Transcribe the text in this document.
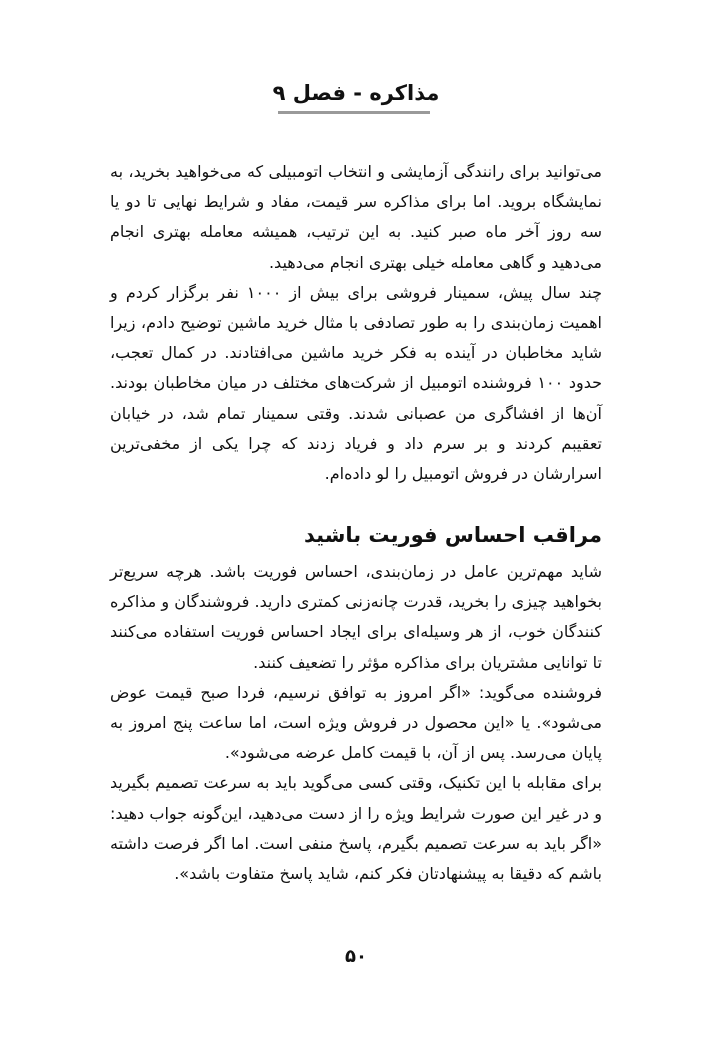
مذاکره - فصل ۹

می‌توانید برای رانندگی آزمایشی و انتخاب اتومبیلی که می‌خواهید بخرید، به نمایشگاه بروید. اما برای مذاکره سر قیمت، مفاد و شرایط نهایی تا دو یا سه روز آخر ماه صبر کنید. به این ترتیب، همیشه معامله بهتری انجام می‌دهید و گاهی معامله خیلی بهتری انجام می‌دهید.

چند سال پیش، سمینار فروشی برای بیش از ۱۰۰۰ نفر برگزار کردم و اهمیت زمان‌بندی را به طور تصادفی با مثال خرید ماشین توضیح دادم، زیرا شاید مخاطبان در آینده به فکر خرید ماشین می‌افتادند. در کمال تعجب، حدود ۱۰۰ فروشنده اتومبیل از شرکت‌های مختلف در میان مخاطبان بودند. آن‌ها از افشاگری من عصبانی شدند. وقتی سمینار تمام شد، در خیابان تعقیبم کردند و بر سرم داد و فریاد زدند که چرا یکی از مخفی‌ترین اسرارشان در فروش اتومبیل را لو داده‌ام.

مراقب احساس فوریت باشید

شاید مهم‌ترین عامل در زمان‌بندی، احساس فوریت باشد. هرچه سریع‌تر بخواهید چیزی را بخرید، قدرت چانه‌زنی کمتری دارید. فروشندگان و مذاکره کنندگان خوب، از هر وسیله‌ای برای ایجاد احساس فوریت استفاده می‌کنند تا توانایی مشتریان برای مذاکره مؤثر را تضعیف کنند.

فروشنده می‌گوید: «اگر امروز به توافق نرسیم، فردا صبح قیمت عوض می‌شود». یا «این محصول در فروش ویژه است، اما ساعت پنج امروز به پایان می‌رسد. پس از آن، با قیمت کامل عرضه می‌شود».

برای مقابله با این تکنیک، وقتی کسی می‌گوید باید به سرعت تصمیم بگیرید و در غیر این صورت شرایط ویژه را از دست می‌دهید، این‌گونه جواب دهید: «اگر باید به سرعت تصمیم بگیرم، پاسخ منفی است. اما اگر فرصت داشته باشم که دقیقا به پیشنهادتان فکر کنم، شاید پاسخ متفاوت باشد».

۵۰
